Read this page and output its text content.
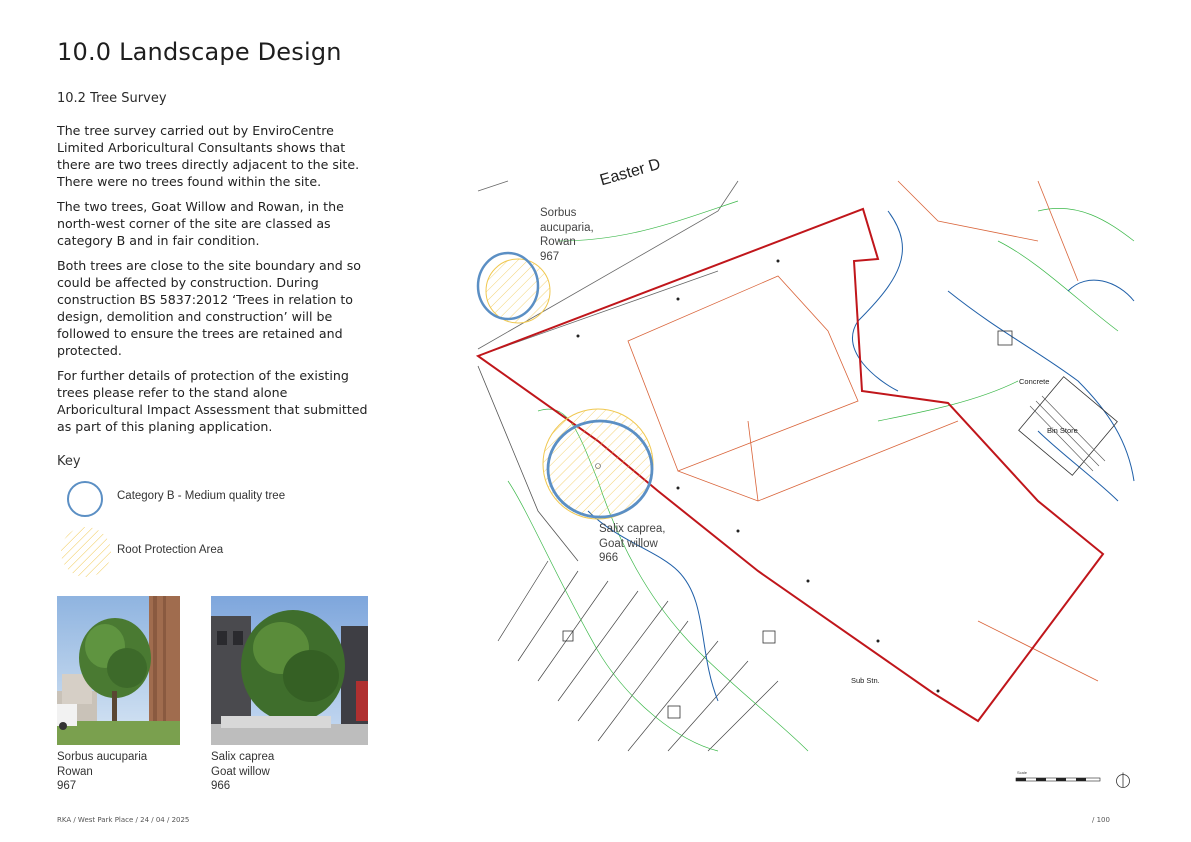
10.0 Landscape Design
10.2 Tree Survey

The tree survey carried out by EnviroCentre Limited Arboricultural Consultants shows that there are two trees directly adjacent to the site. There were no trees found within the site.

The two trees, Goat Willow and Rowan, in the north-west corner of the site are classed as category B and in fair condition.

Both trees are close to the site boundary and so could be affected by construction. During construction BS 5837:2012 ‘Trees in relation to design, demolition and construction’ will be followed to ensure the trees are retained and protected.

For further details of protection of the existing trees please refer to the stand alone Arboricultural Impact Assessment that submitted as part of this planing application.

Key
Category B - Medium quality tree
Root Protection Area
Sorbus aucuparia
Rowan
967
Salix caprea
Goat willow
966
Easter D
Sorbus
aucuparia,
Rowan
967
Salix caprea,
Goat willow
966
Concrete
Bin Store
Sub Stn.
Scale
RKA / West Park Place / 24 / 04 / 2025	/ 100
